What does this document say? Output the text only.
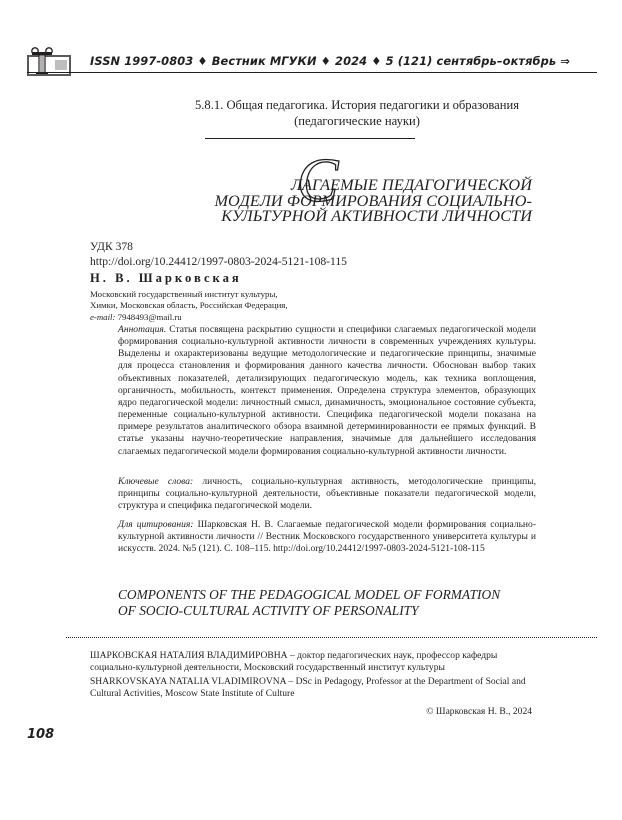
ISSN 1997-0803 ♦ Вестник МГУКИ ♦ 2024 ♦ 5 (121) сентябрь–октябрь ⇒
5.8.1. Общая педагогика. История педагогики и образования
(педагогические науки)
С
ЛАГАЕМЫЕ ПЕДАГОГИЧЕСКОЙ
МОДЕЛИ ФОРМИРОВАНИЯ СОЦИАЛЬНО-
КУЛЬТУРНОЙ АКТИВНОСТИ ЛИЧНОСТИ
УДК 378
http://doi.org/10.24412/1997-0803-2024-5121-108-115
Н. В. Шарковская
Московский государственный институт культуры,
Химки, Московская область, Российская Федерация,
e-mail: 7948493@mail.ru
Аннотация. Статья посвящена раскрытию сущности и специфики слагаемых педагогической модели формирования социально-культурной активности личности в современных учреждениях культуры. Выделены и охарактеризованы ведущие методологические и педагогические принципы, значимые для процесса становления и формирования данного качества личности. Обоснован выбор таких объективных показателей, детализирующих педагогическую модель, как техника воплощения, органичность, мобильность, контекст применения. Определена структура элементов, образующих ядро педагогической модели: личностный смысл, динамичность, эмоциональное состояние субъекта, переменные социально-культурной активности. Специфика педагогической модели показана на примере результатов аналитического обзора взаимной детерминированности ее прямых функций. В статье указаны научно-теоретические направления, значимые для дальнейшего исследования слагаемых педагогической модели формирования социально-культурной активности личности.
Ключевые слова: личность, социально-культурная активность, методологические принципы, принципы социально-культурной деятельности, объективные показатели педагогической модели, структура и специфика педагогической модели.
Для цитирования: Шарковская Н. В. Слагаемые педагогической модели формирования социально-культурной активности личности // Вестник Московского государственного университета культуры и искусств. 2024. №5 (121). С. 108–115. http://doi.org/10.24412/1997-0803-2024-5121-108-115
COMPONENTS OF THE PEDAGOGICAL MODEL OF FORMATION
OF SOCIO-CULTURAL ACTIVITY OF PERSONALITY
ШАРКОВСКАЯ НАТАЛИЯ ВЛАДИМИРОВНА – доктор педагогических наук, профессор кафедры социально-культурной деятельности, Московский государственный институт культуры
SHARKOVSKAYA NATALIA VLADIMIROVNA – DSc in Pedagogy, Professor at the Department of Social and Cultural Activities, Moscow State Institute of Culture
© Шарковская Н. В., 2024
108
